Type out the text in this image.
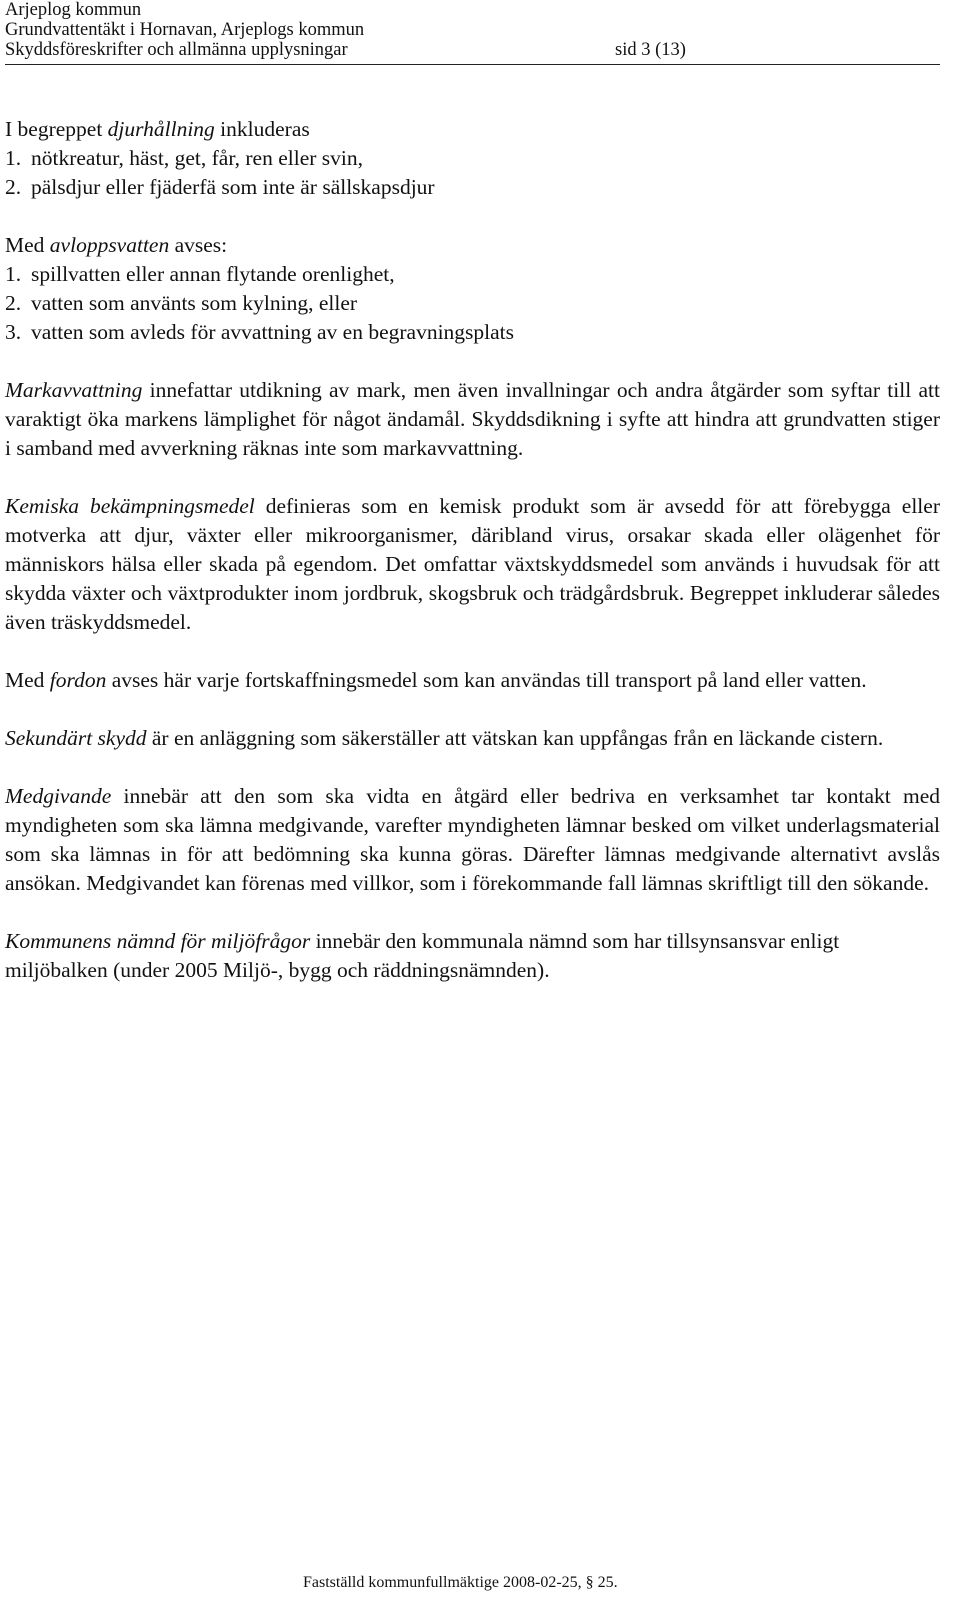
Arjeplog kommun
Grundvattentäkt i Hornavan, Arjeplogs kommun
Skyddsföreskrifter och allmänna upplysningar	sid 3 (13)

I begreppet djurhållning inkluderas

1. nötkreatur, häst, get, får, ren eller svin,
2. pälsdjur eller fjäderfä som inte är sällskapsdjur

Med avloppsvatten avses:

1. spillvatten eller annan flytande orenlighet,
2. vatten som använts som kylning, eller
3. vatten som avleds för avvattning av en begravningsplats

Markavvattning innefattar utdikning av mark, men även invallningar och andra åtgärder som syftar till att varaktigt öka markens lämplighet för något ändamål. Skyddsdikning i syfte att hindra att grundvatten stiger i samband med avverkning räknas inte som markavvattning.

Kemiska bekämpningsmedel definieras som en kemisk produkt som är avsedd för att förebygga eller motverka att djur, växter eller mikroorganismer, däribland virus, orsakar skada eller olägenhet för människors hälsa eller skada på egendom. Det omfattar växtskyddsmedel som används i huvudsak för att skydda växter och växtprodukter inom jordbruk, skogsbruk och trädgårdsbruk. Begreppet inkluderar således även träskyddsmedel.

Med fordon avses här varje fortskaffningsmedel som kan användas till transport på land eller vatten.

Sekundärt skydd är en anläggning som säkerställer att vätskan kan uppfångas från en läckande cistern.

Medgivande innebär att den som ska vidta en åtgärd eller bedriva en verksamhet tar kontakt med myndigheten som ska lämna medgivande, varefter myndigheten lämnar besked om vilket underlagsmaterial som ska lämnas in för att bedömning ska kunna göras. Därefter lämnas medgivande alternativt avslås ansökan. Medgivandet kan förenas med villkor, som i förekommande fall lämnas skriftligt till den sökande.

Kommunens nämnd för miljöfrågor innebär den kommunala nämnd som har tillsynsansvar enligt miljöbalken (under 2005 Miljö-, bygg och räddningsnämnden).

Fastställd kommunfullmäktige 2008-02-25, § 25.
